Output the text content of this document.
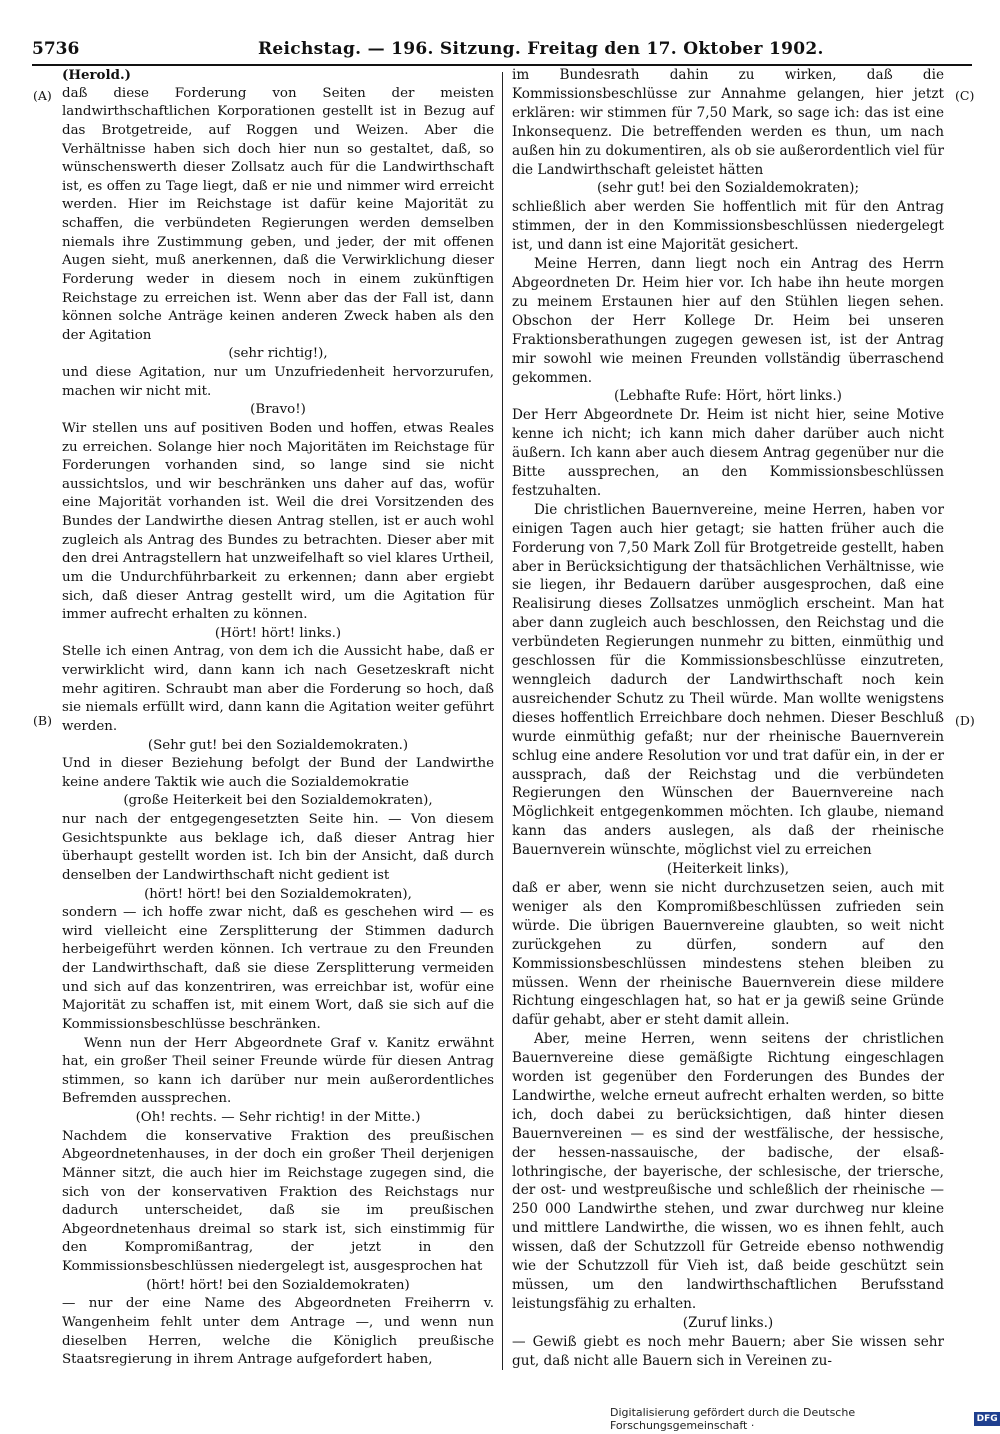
5736	Reichstag. — 196. Sitzung. Freitag den 17. Oktober 1902.
(A)
(B)
(C)
(D)

(Herold.)

daß diese Forderung von Seiten der meisten landwirthschaftlichen Korporationen gestellt ist in Bezug auf das Brotgetreide, auf Roggen und Weizen. Aber die Verhältnisse haben sich doch hier nun so gestaltet, daß, so wünschenswerth dieser Zollsatz auch für die Landwirthschaft ist, es offen zu Tage liegt, daß er nie und nimmer wird erreicht werden. Hier im Reichstage ist dafür keine Majorität zu schaffen, die verbündeten Regierungen werden demselben niemals ihre Zustimmung geben, und jeder, der mit offenen Augen sieht, muß anerkennen, daß die Verwirklichung dieser Forderung weder in diesem noch in einem zukünftigen Reichstage zu erreichen ist. Wenn aber das der Fall ist, dann können solche Anträge keinen anderen Zweck haben als den der Agitation

(sehr richtig!),

und diese Agitation, nur um Unzufriedenheit hervorzurufen, machen wir nicht mit.

(Bravo!)

Wir stellen uns auf positiven Boden und hoffen, etwas Reales zu erreichen. Solange hier noch Majoritäten im Reichstage für Forderungen vorhanden sind, so lange sind sie nicht aussichtslos, und wir beschränken uns daher auf das, wofür eine Majorität vorhanden ist. Weil die drei Vorsitzenden des Bundes der Landwirthe diesen Antrag stellen, ist er auch wohl zugleich als Antrag des Bundes zu betrachten. Dieser aber mit den drei Antragstellern hat unzweifelhaft so viel klares Urtheil, um die Undurchführbarkeit zu erkennen; dann aber ergiebt sich, daß dieser Antrag gestellt wird, um die Agitation für immer aufrecht erhalten zu können.

(Hört! hört! links.)

Stelle ich einen Antrag, von dem ich die Aussicht habe, daß er verwirklicht wird, dann kann ich nach Gesetzeskraft nicht mehr agitiren. Schraubt man aber die Forderung so hoch, daß sie niemals erfüllt wird, dann kann die Agitation weiter geführt werden.

(Sehr gut! bei den Sozialdemokraten.)

Und in dieser Beziehung befolgt der Bund der Landwirthe keine andere Taktik wie auch die Sozialdemokratie

(große Heiterkeit bei den Sozialdemokraten),

nur nach der entgegengesetzten Seite hin. — Von diesem Gesichtspunkte aus beklage ich, daß dieser Antrag hier überhaupt gestellt worden ist. Ich bin der Ansicht, daß durch denselben der Landwirthschaft nicht gedient ist

(hört! hört! bei den Sozialdemokraten),

sondern — ich hoffe zwar nicht, daß es geschehen wird — es wird vielleicht eine Zersplitterung der Stimmen dadurch herbeigeführt werden können. Ich vertraue zu den Freunden der Landwirthschaft, daß sie diese Zersplitterung vermeiden und sich auf das konzentriren, was erreichbar ist, wofür eine Majorität zu schaffen ist, mit einem Wort, daß sie sich auf die Kommissionsbeschlüsse beschränken.

Wenn nun der Herr Abgeordnete Graf v. Kanitz erwähnt hat, ein großer Theil seiner Freunde würde für diesen Antrag stimmen, so kann ich darüber nur mein außerordentliches Befremden aussprechen.

(Oh! rechts. — Sehr richtig! in der Mitte.)

Nachdem die konservative Fraktion des preußischen Abgeordnetenhauses, in der doch ein großer Theil derjenigen Männer sitzt, die auch hier im Reichstage zugegen sind, die sich von der konservativen Fraktion des Reichstags nur dadurch unterscheidet, daß sie im preußischen Abgeordnetenhaus dreimal so stark ist, sich einstimmig für den Kompromißantrag, der jetzt in den Kommissionsbeschlüssen niedergelegt ist, ausgesprochen hat

(hört! hört! bei den Sozialdemokraten)

— nur der eine Name des Abgeordneten Freiherrn v. Wangenheim fehlt unter dem Antrage —, und wenn nun dieselben Herren, welche die Königlich preußische Staatsregierung in ihrem Antrage aufgefordert haben,

im Bundesrath dahin zu wirken, daß die Kommissionsbeschlüsse zur Annahme gelangen, hier jetzt erklären: wir stimmen für 7,50 Mark, so sage ich: das ist eine Inkonsequenz. Die betreffenden werden es thun, um nach außen hin zu dokumentiren, als ob sie außerordentlich viel für die Landwirthschaft geleistet hätten

(sehr gut! bei den Sozialdemokraten);

schließlich aber werden Sie hoffentlich mit für den Antrag stimmen, der in den Kommissionsbeschlüssen niedergelegt ist, und dann ist eine Majorität gesichert.

Meine Herren, dann liegt noch ein Antrag des Herrn Abgeordneten Dr. Heim hier vor. Ich habe ihn heute morgen zu meinem Erstaunen hier auf den Stühlen liegen sehen. Obschon der Herr Kollege Dr. Heim bei unseren Fraktionsberathungen zugegen gewesen ist, ist der Antrag mir sowohl wie meinen Freunden vollständig überraschend gekommen.

(Lebhafte Rufe: Hört, hört links.)

Der Herr Abgeordnete Dr. Heim ist nicht hier, seine Motive kenne ich nicht; ich kann mich daher darüber auch nicht äußern. Ich kann aber auch diesem Antrag gegenüber nur die Bitte aussprechen, an den Kommissionsbeschlüssen festzuhalten.

Die christlichen Bauernvereine, meine Herren, haben vor einigen Tagen auch hier getagt; sie hatten früher auch die Forderung von 7,50 Mark Zoll für Brotgetreide gestellt, haben aber in Berücksichtigung der thatsächlichen Verhältnisse, wie sie liegen, ihr Bedauern darüber ausgesprochen, daß eine Realisirung dieses Zollsatzes unmöglich erscheint. Man hat aber dann zugleich auch beschlossen, den Reichstag und die verbündeten Regierungen nunmehr zu bitten, einmüthig und geschlossen für die Kommissionsbeschlüsse einzutreten, wenngleich dadurch der Landwirthschaft noch kein ausreichender Schutz zu Theil würde. Man wollte wenigstens dieses hoffentlich Erreichbare doch nehmen. Dieser Beschluß wurde einmüthig gefaßt; nur der rheinische Bauernverein schlug eine andere Resolution vor und trat dafür ein, in der er aussprach, daß der Reichstag und die verbündeten Regierungen den Wünschen der Bauernvereine nach Möglichkeit entgegenkommen möchten. Ich glaube, niemand kann das anders auslegen, als daß der rheinische Bauernverein wünschte, möglichst viel zu erreichen

(Heiterkeit links),

daß er aber, wenn sie nicht durchzusetzen seien, auch mit weniger als den Kompromißbeschlüssen zufrieden sein würde. Die übrigen Bauernvereine glaubten, so weit nicht zurückgehen zu dürfen, sondern auf den Kommissionsbeschlüssen mindestens stehen bleiben zu müssen. Wenn der rheinische Bauernverein diese mildere Richtung eingeschlagen hat, so hat er ja gewiß seine Gründe dafür gehabt, aber er steht damit allein.

Aber, meine Herren, wenn seitens der christlichen Bauernvereine diese gemäßigte Richtung eingeschlagen worden ist gegenüber den Forderungen des Bundes der Landwirthe, welche erneut aufrecht erhalten werden, so bitte ich, doch dabei zu berücksichtigen, daß hinter diesen Bauernvereinen — es sind der westfälische, der hessische, der hessen-nassauische, der badische, der elsaß-lothringische, der bayerische, der schlesische, der triersche, der ost- und westpreußische und schleßlich der rheinische — 250 000 Landwirthe stehen, und zwar durchweg nur kleine und mittlere Landwirthe, die wissen, wo es ihnen fehlt, auch wissen, daß der Schutzzoll für Getreide ebenso nothwendig wie der Schutzzoll für Vieh ist, daß beide geschützt sein müssen, um den landwirthschaftlichen Berufsstand leistungsfähig zu erhalten.

(Zuruf links.)

— Gewiß giebt es noch mehr Bauern; aber Sie wissen sehr gut, daß nicht alle Bauern sich in Vereinen zu-

Digitalisierung gefördert durch die Deutsche Forschungsgemeinschaft ·	DFG
